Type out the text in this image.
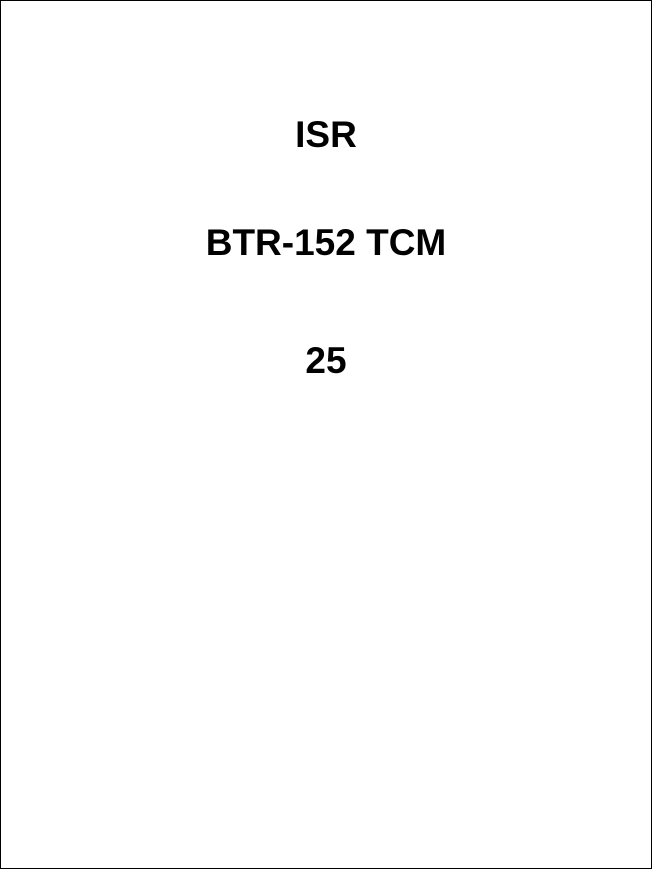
ISR
BTR-152 TCM
25
